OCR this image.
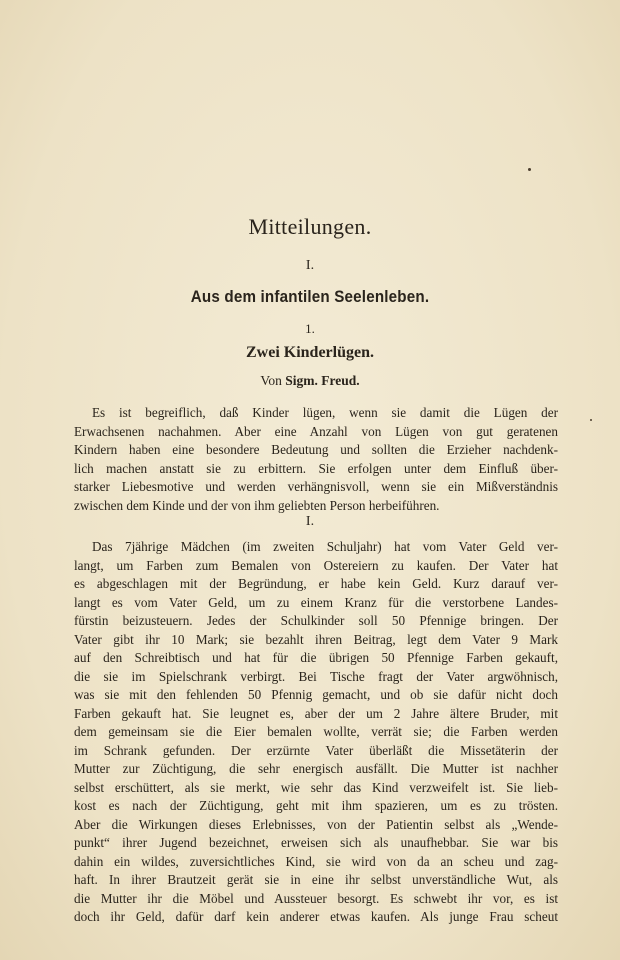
Mitteilungen.
I.
Aus dem infantilen Seelenleben.
1.
Zwei Kinderlügen.
Von Sigm. Freud.
Es ist begreiflich, daß Kinder lügen, wenn sie damit die Lügen der
Erwachsenen nachahmen. Aber eine Anzahl von Lügen von gut geratenen
Kindern haben eine besondere Bedeutung und sollten die Erzieher nachdenk-
lich machen anstatt sie zu erbittern. Sie erfolgen unter dem Einfluß über-
starker Liebesmotive und werden verhängnisvoll, wenn sie ein Mißverständnis
zwischen dem Kinde und der von ihm geliebten Person herbeiführen.
I.
Das 7jährige Mädchen (im zweiten Schuljahr) hat vom Vater Geld ver-
langt, um Farben zum Bemalen von Ostereiern zu kaufen. Der Vater hat
es abgeschlagen mit der Begründung, er habe kein Geld. Kurz darauf ver-
langt es vom Vater Geld, um zu einem Kranz für die verstorbene Landes-
fürstin beizusteuern. Jedes der Schulkinder soll 50 Pfennige bringen. Der
Vater gibt ihr 10 Mark; sie bezahlt ihren Beitrag, legt dem Vater 9 Mark
auf den Schreibtisch und hat für die übrigen 50 Pfennige Farben gekauft,
die sie im Spielschrank verbirgt. Bei Tische fragt der Vater argwöhnisch,
was sie mit den fehlenden 50 Pfennig gemacht, und ob sie dafür nicht doch
Farben gekauft hat. Sie leugnet es, aber der um 2 Jahre ältere Bruder, mit
dem gemeinsam sie die Eier bemalen wollte, verrät sie; die Farben werden
im Schrank gefunden. Der erzürnte Vater überläßt die Missetäterin der
Mutter zur Züchtigung, die sehr energisch ausfällt. Die Mutter ist nachher
selbst erschüttert, als sie merkt, wie sehr das Kind verzweifelt ist. Sie lieb-
kost es nach der Züchtigung, geht mit ihm spazieren, um es zu trösten.
Aber die Wirkungen dieses Erlebnisses, von der Patientin selbst als „Wende-
punkt“ ihrer Jugend bezeichnet, erweisen sich als unaufhebbar. Sie war bis
dahin ein wildes, zuversichtliches Kind, sie wird von da an scheu und zag-
haft. In ihrer Brautzeit gerät sie in eine ihr selbst unverständliche Wut, als
die Mutter ihr die Möbel und Aussteuer besorgt. Es schwebt ihr vor, es ist
doch ihr Geld, dafür darf kein anderer etwas kaufen. Als junge Frau scheut
